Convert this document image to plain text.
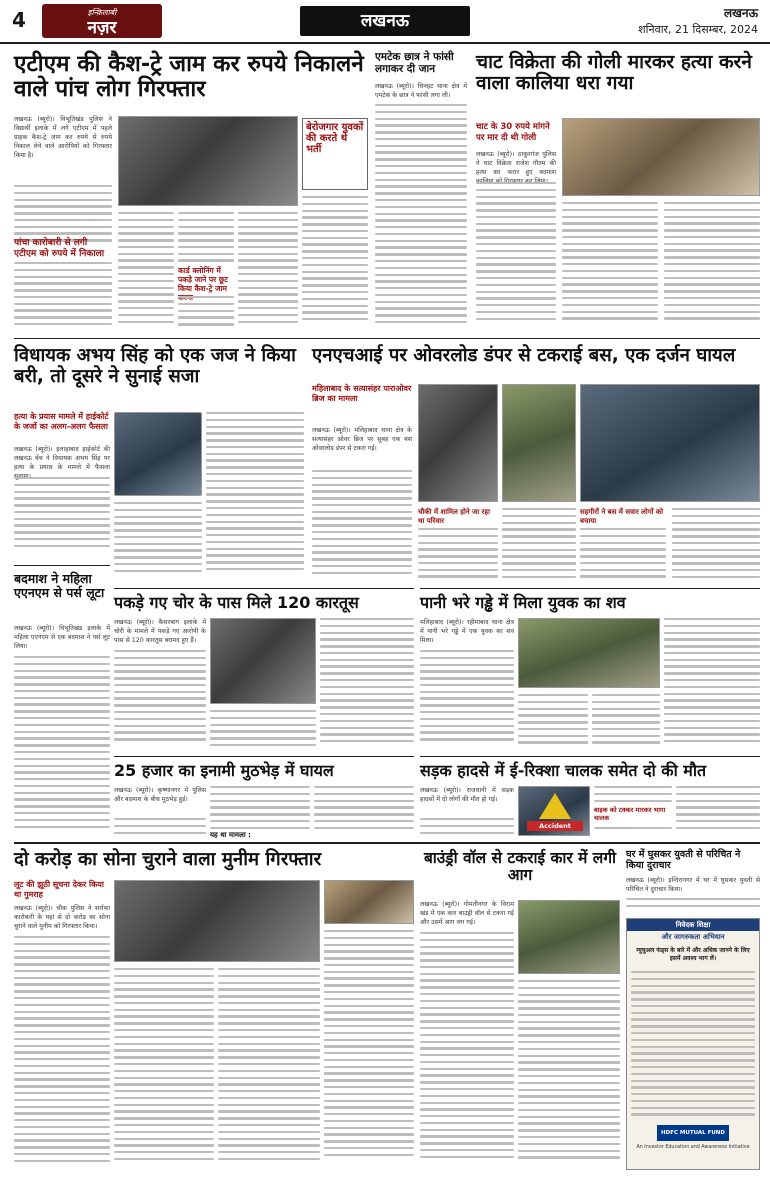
4	इन्क़िलाबी
नज़र	लखनऊ	लखनऊ
शनिवार, 21 दिसम्बर, 2024
एटीएम की कैश-ट्रे जाम कर रुपये निकालने वाले पांच लोग गिरफ्तार
लखनऊ (ब्यूरो)। विभूतिखंड पुलिस ने विद्यार्थी इलाके में लगे एटीएम में पहले ग्राहक कैश-ट्रे जाम कर रुपये से रुपये निकाल लेने वाले आरोपियों को गिरफ्तार किया है।
बेरोजगार युवकों की करते थे भर्ती
पांचा कारोबारी से लगी एटीएम को रुपये में निकाला
कार्ड क्लोनिंग में पकड़े जाने पर छूट किया कैश-ट्रे जाम
एमटेक छात्र ने फांसी लगाकर दी जान
लखनऊ (ब्यूरो)। चिनहट थाना क्षेत्र में एमटेक के छात्र ने फांसी लगा ली।
चाट विक्रेता की गोली मारकर हत्या करने वाला कालिया धरा गया
चाट के 30 रुपये मांगने पर मार दी थी गोली
लखनऊ (ब्यूरो)। ठाकुरगंज पुलिस ने चाट विक्रेता राजेश गौतम की हत्या कर फरार हुए बदमाश
विधायक अभय सिंह को एक जज ने किया बरी, तो दूसरे ने सुनाई सजा
हत्या के प्रयास मामले में हाईकोर्ट के जजों का अलग-अलग फैसला
लखनऊ (ब्यूरो)। इलाहाबाद हाईकोर्ट की लखनऊ बेंच ने विधायक अभय सिंह पर हत्या के प्रयास के मामले में फैसला
एनएचआई पर ओवरलोड डंपर से टकराई बस, एक दर्जन घायल
महिलाबाद के सत्यासंहर पाराओवर ब्रिज का मामला
लखनऊ (ब्यूरो)। मलिहाबाद थाना क्षेत्र के सत्यासंहर ओवर ब्रिज पर सुबह एक बस ओवरलोड डंपर से टकरा गई।
चौकी में शामिल होने जा रहा था परिवार
सहगीरों ने बस में सवार लोगों को बचाया
बदमाश ने महिला एएनएम से पर्स लूटा
लखनऊ (ब्यूरो)। विभूतिखंड इलाके में महिला एएनएम से एक बदमाश ने पर्स लूट लिया।
पकड़े गए चोर के पास मिले 120 कारतूस
लखनऊ (ब्यूरो)। कैसरबाग इलाके में चोरी के मामले में पकड़े गए आरोपी के पास से 120 कारतूस बरामद हुए हैं।
पानी भरे गड्ढे में मिला युवक का शव
मलिहाबाद (ब्यूरो)। रहीमाबाद थाना क्षेत्र में पानी भरे गड्ढे में एक युवक का शव मिला।
25 हजार का इनामी मुठभेड़ में घायल
लखनऊ (ब्यूरो)। कृष्णानगर में पुलिस और बदमाश के बीच मुठभेड़ हुई।
यह था मामला :
सड़क हादसे में ई-रिक्शा चालक समेत दो की मौत
लखनऊ (ब्यूरो)। राजधानी में सड़क हादसों में दो लोगों की मौत हो गई।
Accident
बाइक को टक्कर मारकर भागा चालक
दो करोड़ का सोना चुराने वाला मुनीम गिरफ्तार
लूट की झूठी सूचना देकर किया था गुमराह
लखनऊ (ब्यूरो)। चौक पुलिस ने सर्राफा कारोबारी के यहां से दो करोड़ का सोना चुराने वाले मुनीम को गिरफ्तार किया।
बाउंड्री वॉल से टकराई कार में लगी आग
लखनऊ (ब्यूरो)। गोमतीनगर के विराम खंड में एक कार बाउंड्री वॉल से टकरा गई और उसमें आग लग गई।
घर में घुसकर युवती से परिचित ने किया दुराचार
लखनऊ (ब्यूरो)। इन्दिरानगर में घर में घुसकर युवती से परिचित ने दुराचार किया।
निवेदक शिक्षा
और जागरुकता अभियान
म्युचुअल फंड्स के बारे में और अधिक जानने के लिए इसमें अवश्य भाग लें।
HDFC MUTUAL FUND
An Investor Education and Awareness Initiative
